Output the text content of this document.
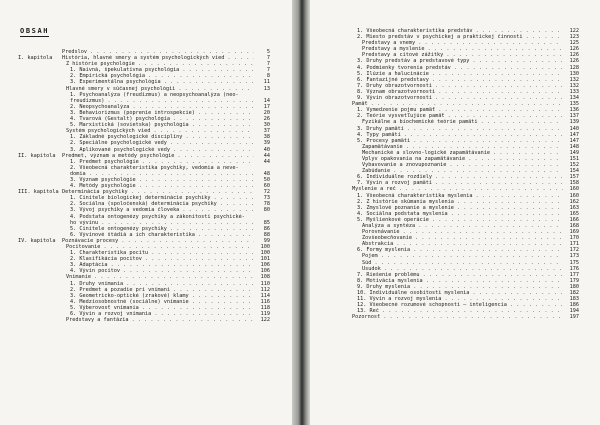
OBSAH
Predslov . . .	5
I. kapitola	História, hlavné smery a systém psychologických vied . . .	7
Z histórie psychológie . . .	7
1. Naivná, špekulatívna psychológia . . .	7
2. Empirická psychológia . . .	8
3. Experimentálna psychológia . . .	11
Hlavné smery v súčasnej psychológii . . .	13
1. Psychoanalýza (freudizmus) a neopsychoanalýza (neo-
freudizmus) . . .	14
2. Neopsychoanalýza . . .	17
3. Behaviorizmus (poprenie introspekcie) . . .	20
4. Tvarová (Gestalt) psychológia . . .	26
5. Marxistická (sovietska) psychológia . . .	30
Systém psychologických vied . . .	37
1. Základné psychologické disciplíny . . .	38
2. Špeciálne psychologické vedy . . .	39
3. Aplikované psychologické vedy . . .	40
II. kapitola	Predmet, význam a metódy psychológie . . .	44
1. Predmet psychológie . . .	44
2. Všeobecná charakteristika psychiky, vedomia a neve-
domia . . .	48
3. Význam psychológie . . .	50
4. Metódy psychológie . . .	60
III. kapitola Determinácia psychiky . . .	72
1. Činitele biologickej determinácie psychiky . . .	73
2. Sociálna (spoločenská) determinácia psychiky . . .	78
3. Vývoj psychiky a vedomia človeka . . .	80
4. Podstata ontogenézy psychiky a zákonitosti psychické-
ho vývinu . . .	85
5. Činitele ontogenézy psychiky . . .	86
6. Vývinové štádiá a ich charakteristika . . .	88
IV. kapitola	Poznávacie procesy . . .	99
Pocitovanie . . .	100
1. Charakteristika pocitu . . .	100
2. Klasifikácia pocitov . . .	101
3. Adaptácia . . .	106
4. Vývin pocitov . . .	106
Vnímanie . . .	108
1. Druhy vnímania . . .	110
2. Predmet a pozadie pri vnímaní . . .	112
3. Geometricko-optické (zrakové) klamy . . .	114
4. Medziosobnostné (sociálne) vnímanie . . .	116
5. Výberovosť vnímania . . .	118
6. Vývin a rozvoj vnímania . . .	119
Predstavy a fantázia . . .	122
1. Všeobecná charakteristika predstáv . . .	122
2. Miesto predstáv v psychickej a praktickej činnosti . . .	123
Predstavy a vnemy . . .	125
Predstavy a myslenie . . .	126
Predstavy a citové zážitky . . .	126
3. Druhy predstáv a predstavové typy . . .	126
4. Podmienky tvorenia predstáv . . .	128
5. Ilúzie a halucinácie . . .	130
6. Fantazijné predstavy . . .	132
7. Druhy obrazotvornosti . . .	132
8. Význam obrazotvornosti . . .	133
9. Vývin obrazotvornosti . . .	134
Pamäť . . .	135
1. Vymedzenie pojmu pamäť . . .	136
2. Teórie vysvetľujúce pamäť . . .	137
Fyzikálne a biochemické teórie pamäti . . .	139
3. Druhy pamäti . . .	140
4. Typy pamäti . . .	147
5. Procesy pamäti . . .	147
Zapamätávanie . . .	148
Mechanické a slovno-logické zapamätávanie . . .	149
Vplyv opakovania na zapamätávanie . . .	151
Vybavovanie a znovupoznanie . . .	152
Zabúdanie . . .	154
6. Individuálne rozdiely . . .	157
7. Vývin a rozvoj pamäti . . .	158
Myslenie a reč . . .	160
1. Všeobecná charakteristika myslenia . . .	160
2. Z histórie skúmania myslenia . . .	162
3. Zmyslové poznanie a myslenie . . .	163
4. Sociálna podstata myslenia . . .	165
5. Myšlienkové operácie . . .	166
Analýza a syntéza . . .	168
Porovnávanie . . .	169
Zovšeobecňovanie . . .	170
Abstrakcia . . .	171
6. Formy myslenia . . .	172
Pojem . . .	173
Súd . . .	175
Úsudok . . .	176
7. Riešenie problému . . .	177
8. Motivácia myslenia . . .	179
9. Druhy myslenia . . .	180
10. Individuálne osobitosti myslenia . . .	182
11. Vývin a rozvoj myslenia . . .	183
12. Všeobecné rozumové schopnosti — inteligencia . . .	186
13. Reč . . .	194
Pozornosť . . .	197
